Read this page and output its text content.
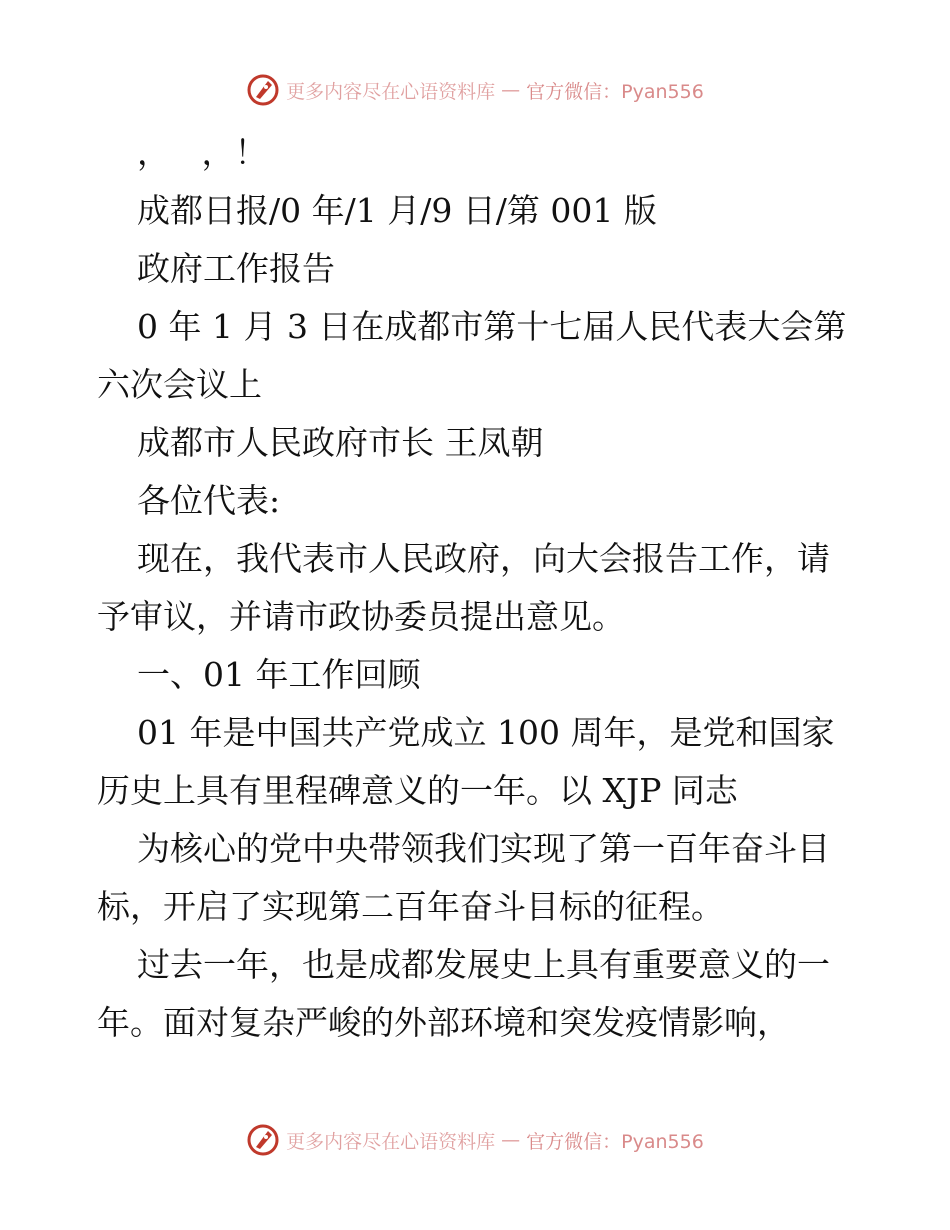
更多内容尽在心语资料库 — 官方微信：Pyan556

，   ，！

成都日报/0 年/1 月/9 日/第 001 版

政府工作报告

0 年 1 月 3 日在成都市第十七届人民代表大会第六次会议上

成都市人民政府市长 王凤朝

各位代表:

现在，我代表市人民政府，向大会报告工作，请予审议，并请市政协委员提出意见。

一、01 年工作回顾

01 年是中国共产党成立 100 周年，是党和国家历史上具有里程碑意义的一年。以 XJP 同志

为核心的党中央带领我们实现了第一百年奋斗目标，开启了实现第二百年奋斗目标的征程。

过去一年，也是成都发展史上具有重要意义的一年。面对复杂严峻的外部环境和突发疫情影响，

更多内容尽在心语资料库 — 官方微信：Pyan556
